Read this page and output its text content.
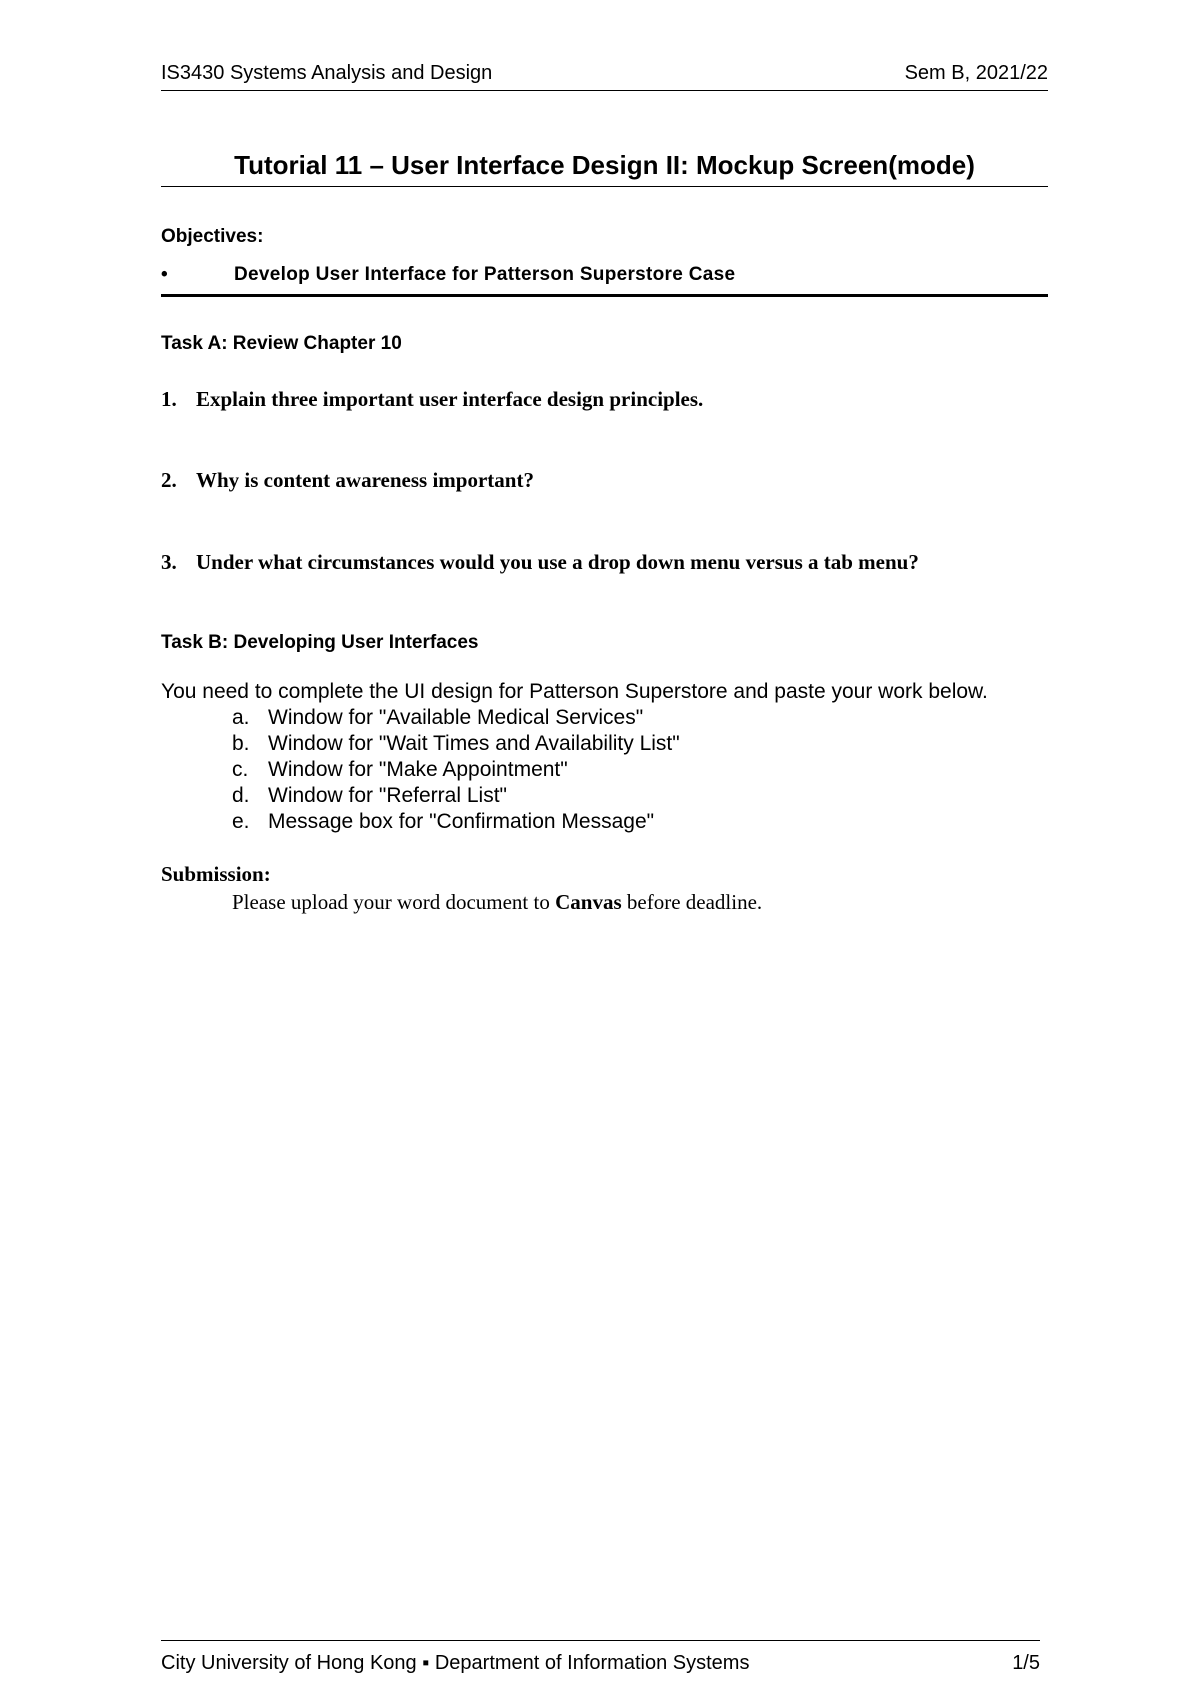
IS3430 Systems Analysis and Design	Sem B, 2021/22
Tutorial 11 – User Interface Design II: Mockup Screen(mode)
Objectives:
•	Develop User Interface for Patterson Superstore Case
Task A: Review Chapter 10
1. Explain three important user interface design principles.
2. Why is content awareness important?
3. Under what circumstances would you use a drop down menu versus a tab menu?
Task B: Developing User Interfaces
You need to complete the UI design for Patterson Superstore and paste your work below.
a. Window for "Available Medical Services"
b. Window for "Wait Times and Availability List"
c. Window for "Make Appointment"
d. Window for "Referral List"
e. Message box for "Confirmation Message"
Submission:
Please upload your word document to Canvas before deadline.
City University of Hong Kong ▪ Department of Information Systems	1/5
